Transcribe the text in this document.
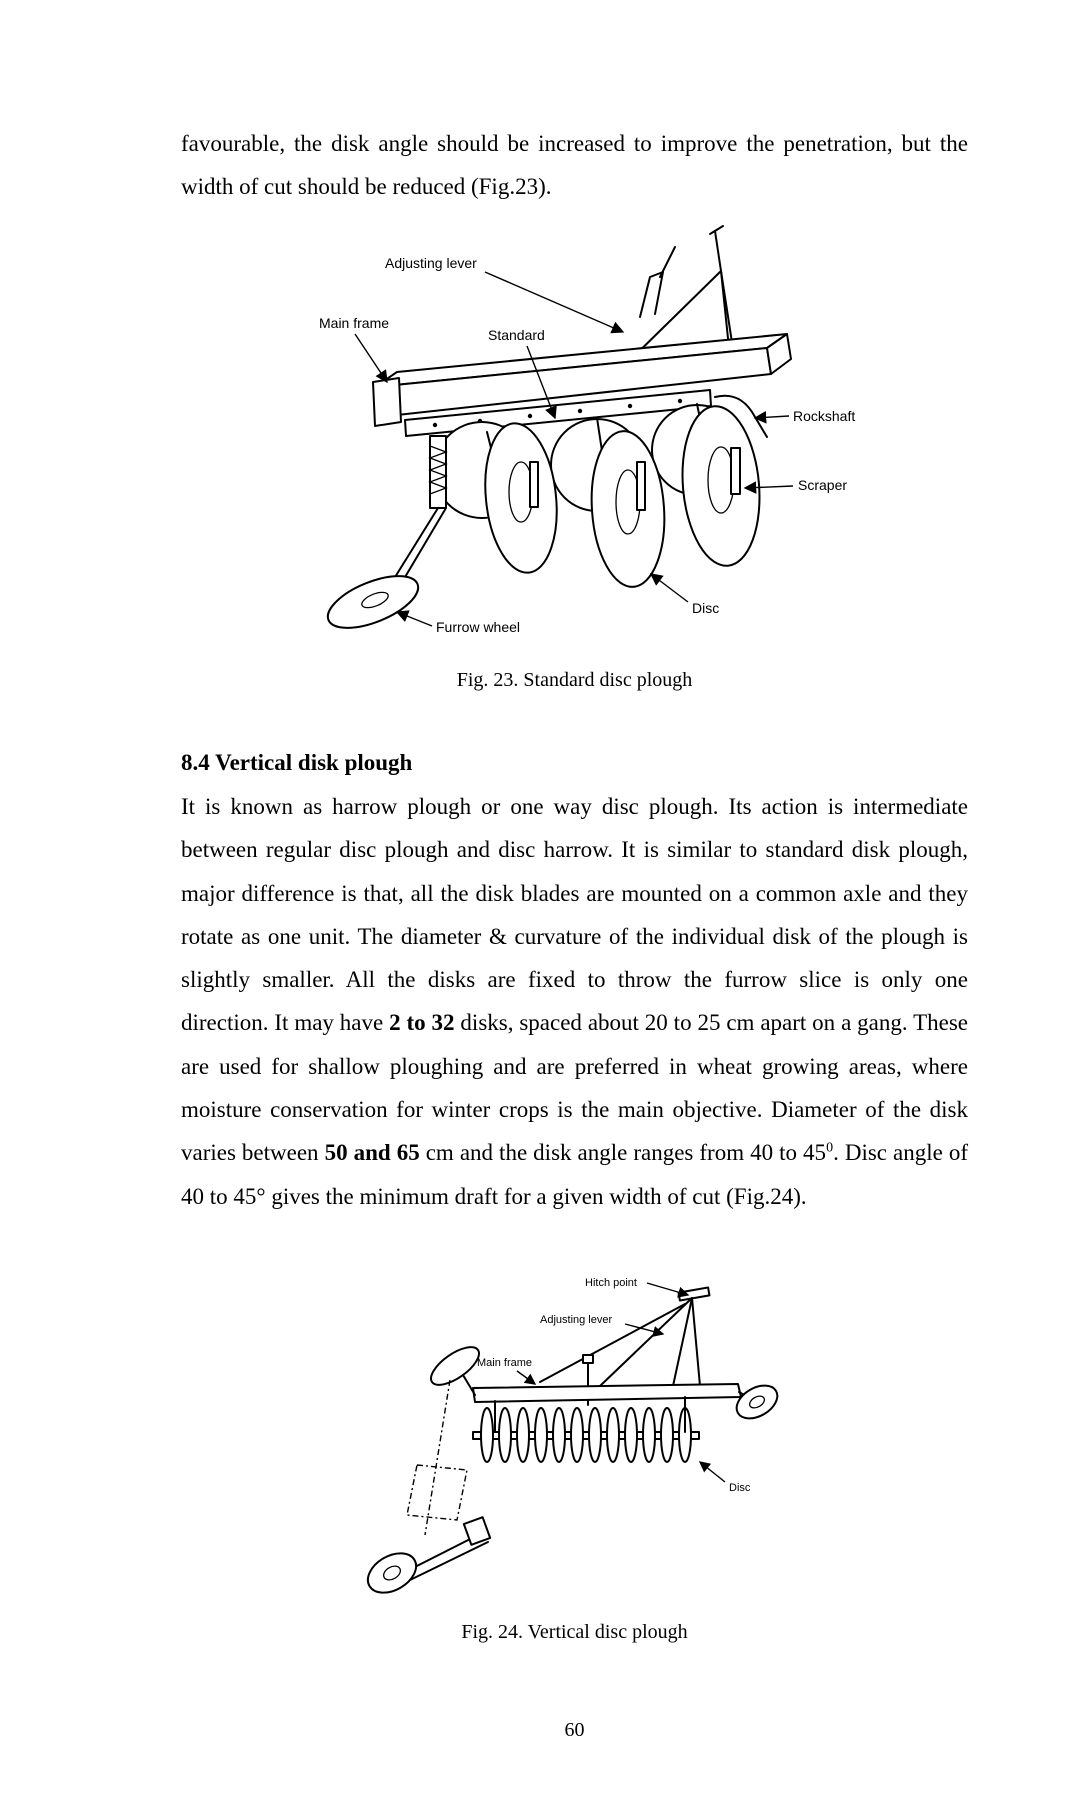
favourable, the disk angle should be increased to improve the penetration, but the width of cut should be reduced (Fig.23).

Adjusting lever
Main frame
Standard
Rockshaft
Scraper
Disc
Furrow wheel

Fig. 23. Standard disc plough

8.4 Vertical disk plough

It is known as harrow plough or one way disc plough. Its action is intermediate between regular disc plough and disc harrow. It is similar to standard disk plough, major difference is that, all the disk blades are mounted on a common axle and they rotate as one unit. The diameter & curvature of the individual disk of the plough is slightly smaller. All the disks are fixed to throw the furrow slice is only one direction. It may have 2 to 32 disks, spaced about 20 to 25 cm apart on a gang. These are used for shallow ploughing and are preferred in wheat growing areas, where moisture conservation for winter crops is the main objective. Diameter of the disk varies between 50 and 65 cm and the disk angle ranges from 40 to $45^0$. Disc angle of 40 to 45° gives the minimum draft for a given width of cut (Fig.24).

Hitch point
Adjusting lever
Main frame
Disc

Fig. 24. Vertical disc plough

60
